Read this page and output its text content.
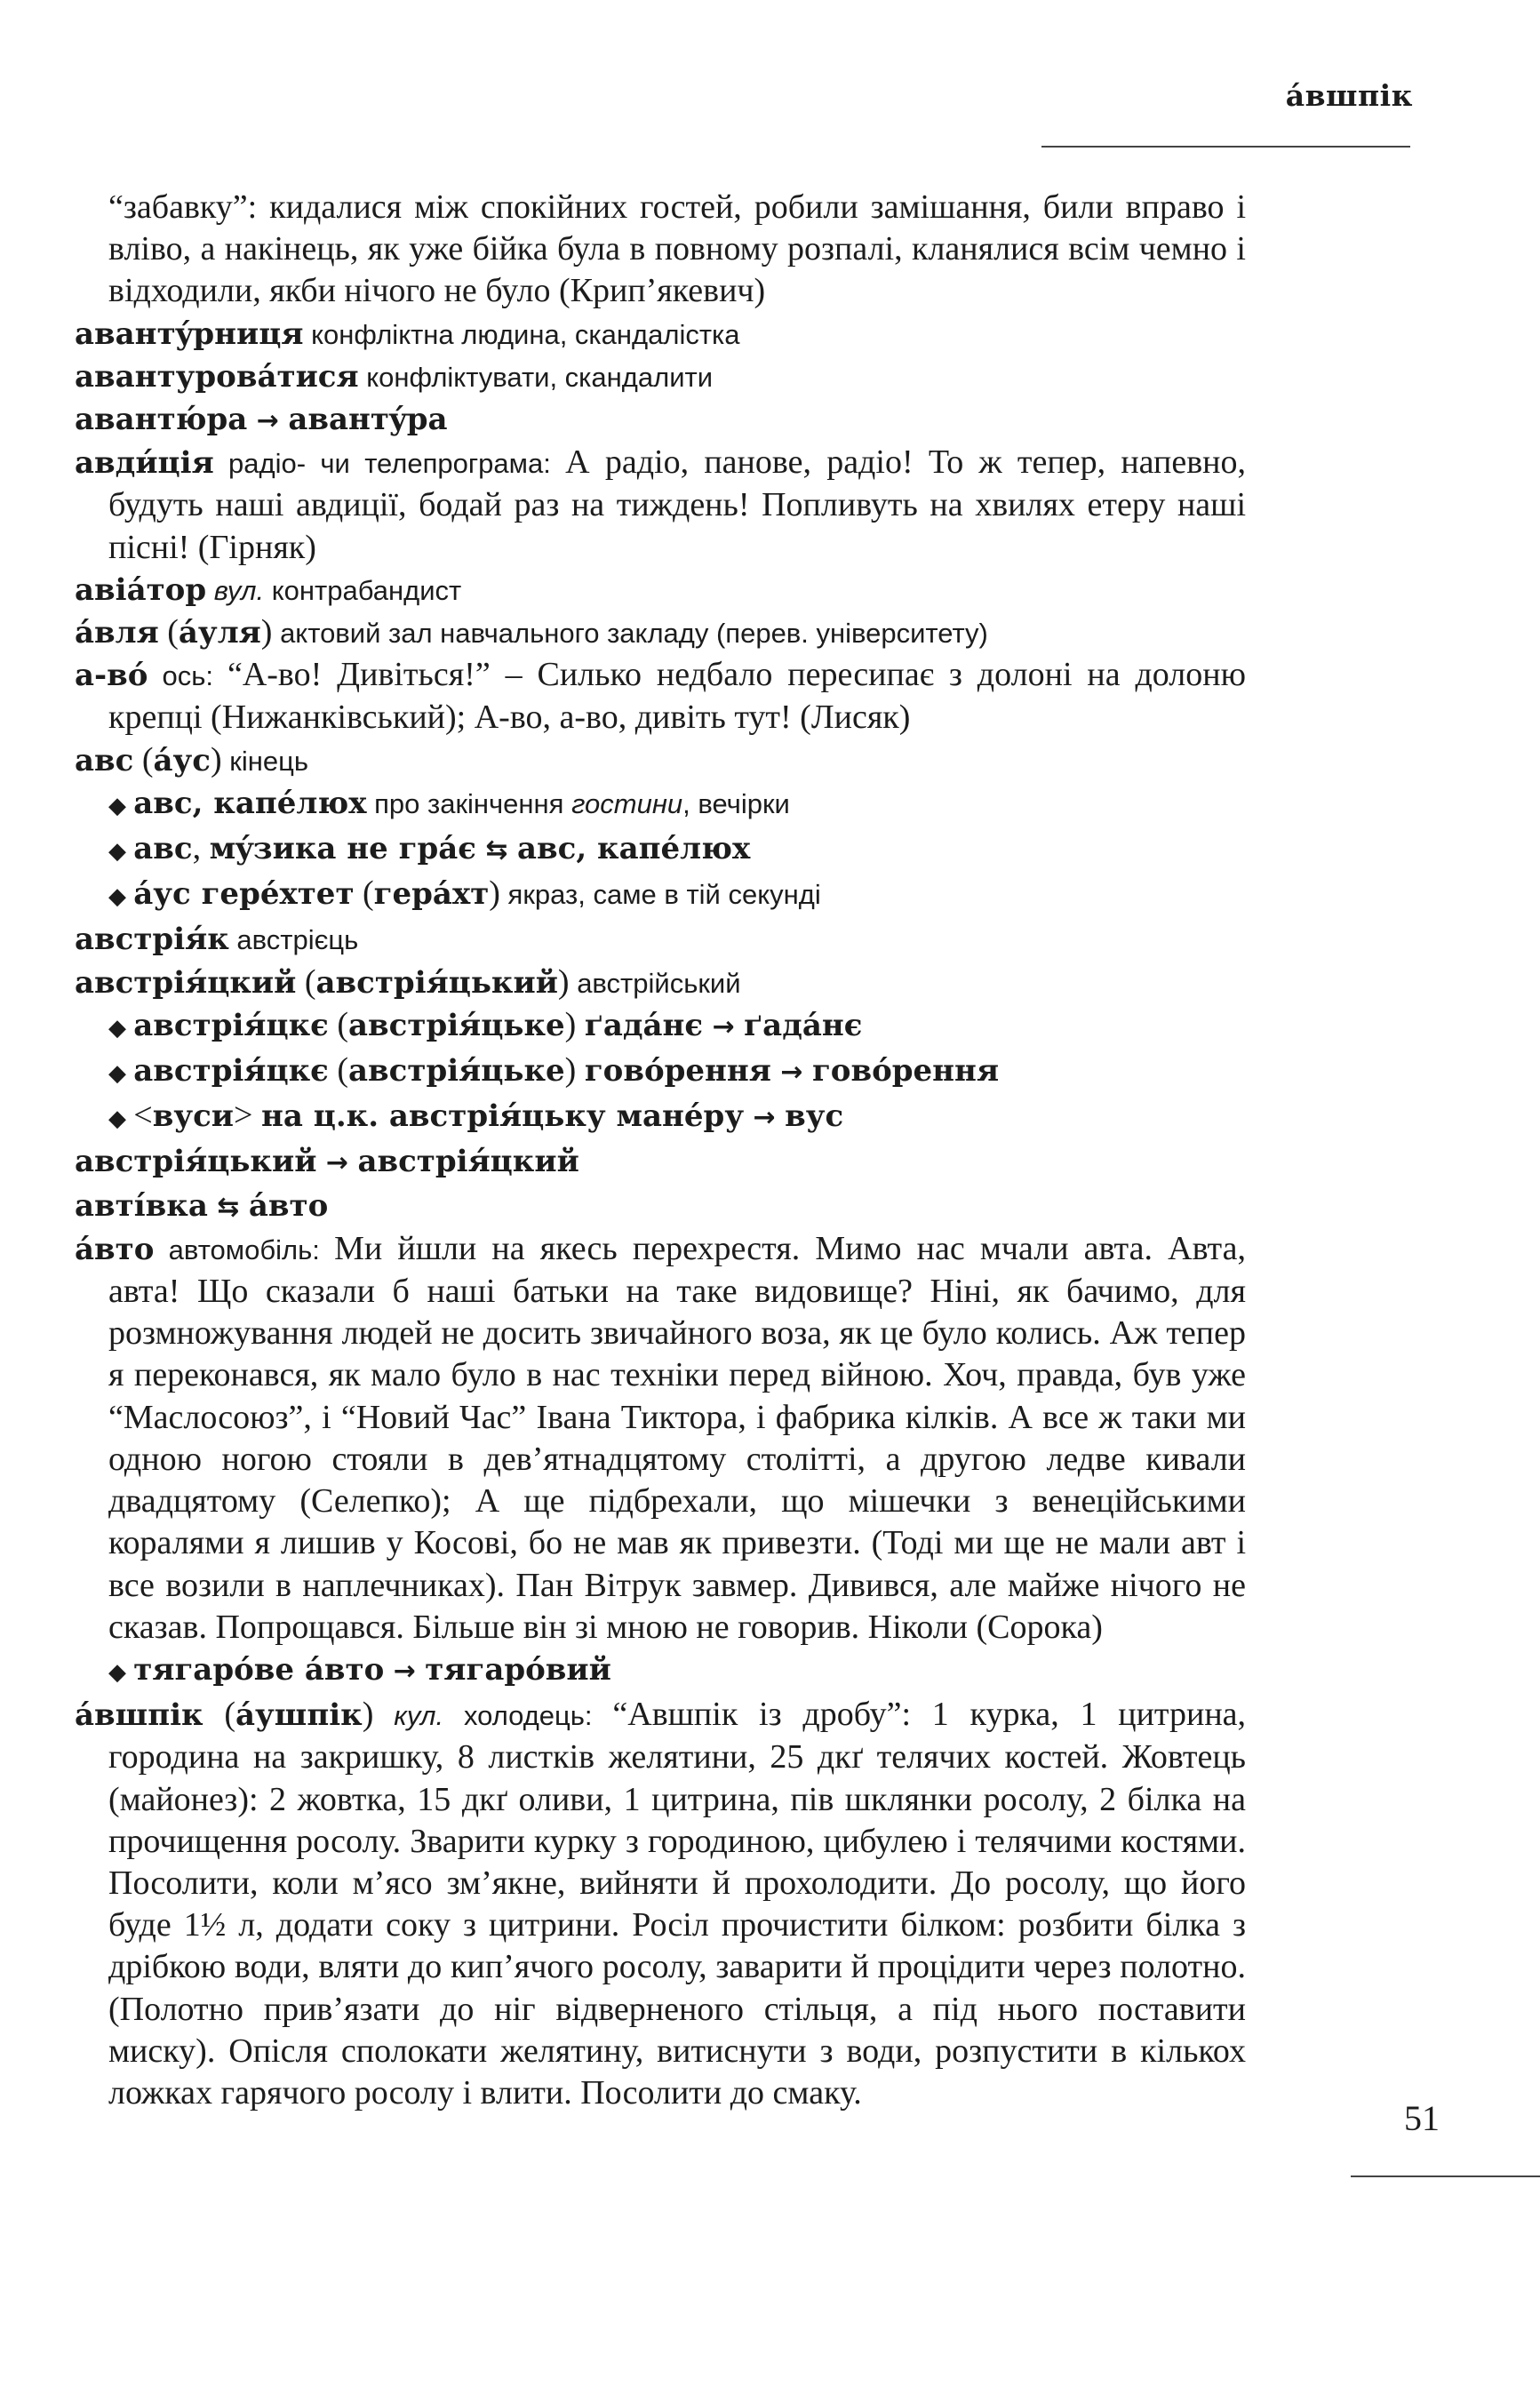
áвшпік

“забавку”: кидалися між спокійних гостей, робили замішання, били вправо і вліво, а накінець, як уже бійка була в повному розпалі, кланялися всім чемно і відходили, якби нічого не було (Крип’якевич)

авантýрниця конфліктна людина, скандалістка

авантуровáтися конфліктувати, скандалити

авантю́ра → авантýра

авди́ція радіо- чи телепрограма: А радіо, панове, радіо! То ж тепер, напевно, будуть наші авдиції, бодай раз на тиждень! Попливуть на хвилях етеру наші пісні! (Гірняк)

авіáтор вул. контрабандист

áвля (áуля) актовий зал навчального закладу (перев. університету)

а-вó ось: “А-во! Дивіться!” – Силько недбало пересипає з долоні на долоню крепці (Нижанківський); А-во, а-во, дивіть тут! (Лисяк)

авс (áус) кінець

◆ авс, капéлюх про закінчення гостини, вечірки

◆ авс, мýзика не грáє ⇆ авс, капéлюх

◆ áус герéхтет (герáхт) якраз, саме в тій секунді

австрія́к австрієць

австрія́цкий (австрія́цький) австрійський

◆ австрія́цкє (австрія́цьке) ґадáнє → ґадáнє

◆ австрія́цкє (австрія́цьке) говóрення → говóрення

◆ <вуси> на ц.к. австрія́цьку манéру → вус

австрія́цький → австрія́цкий

автíвка ⇆ áвто

áвто автомобіль: Ми йшли на якесь перехрестя. Мимо нас мчали авта. Авта, авта! Що сказали б наші батьки на таке видовище? Ніні, як бачимо, для розмножування людей не досить звичайного воза, як це було колись. Аж тепер я переконався, як мало було в нас техніки перед війною. Хоч, правда, був уже “Маслосоюз”, і “Новий Час” Івана Тиктора, і фабрика кілків. А все ж таки ми одною ногою стояли в дев’ятнадцятому столітті, а другою ледве кивали двадцятому (Селепко); А ще підбрехали, що мішечки з венеційськими коралями я лишив у Косові, бо не мав як привезти. (Тоді ми ще не мали авт і все возили в наплечниках). Пан Вітрук завмер. Дивився, але майже нічого не сказав. Попрощався. Більше він зі мною не говорив. Ніколи (Сорока)

◆ тягарóве áвто → тягарóвий

áвшпік (áушпік) кул. холодець: “Авшпік із дробу”: 1 курка, 1 цитрина, городина на закришку, 8 листків желятини, 25 дкґ телячих костей. Жовтець (майонез): 2 жовтка, 15 дкґ оливи, 1 цитрина, пів шклянки росолу, 2 білка на прочищення росолу. Зварити курку з городиною, цибулею і телячими костями. Посолити, коли м’ясо зм’якне, вийняти й прохолодити. До росолу, що його буде 1½ л, додати соку з цитрини. Росіл прочистити білком: розбити білка з дрібкою води, вляти до кип’ячого росолу, заварити й процідити через полотно. (Полотно прив’язати до ніг відверненого стільця, а під нього поставити миску). Опісля сполокати желятину, витиснути з води, розпустити в кількох ложках гарячого росолу і влити. Посолити до смаку.

51
